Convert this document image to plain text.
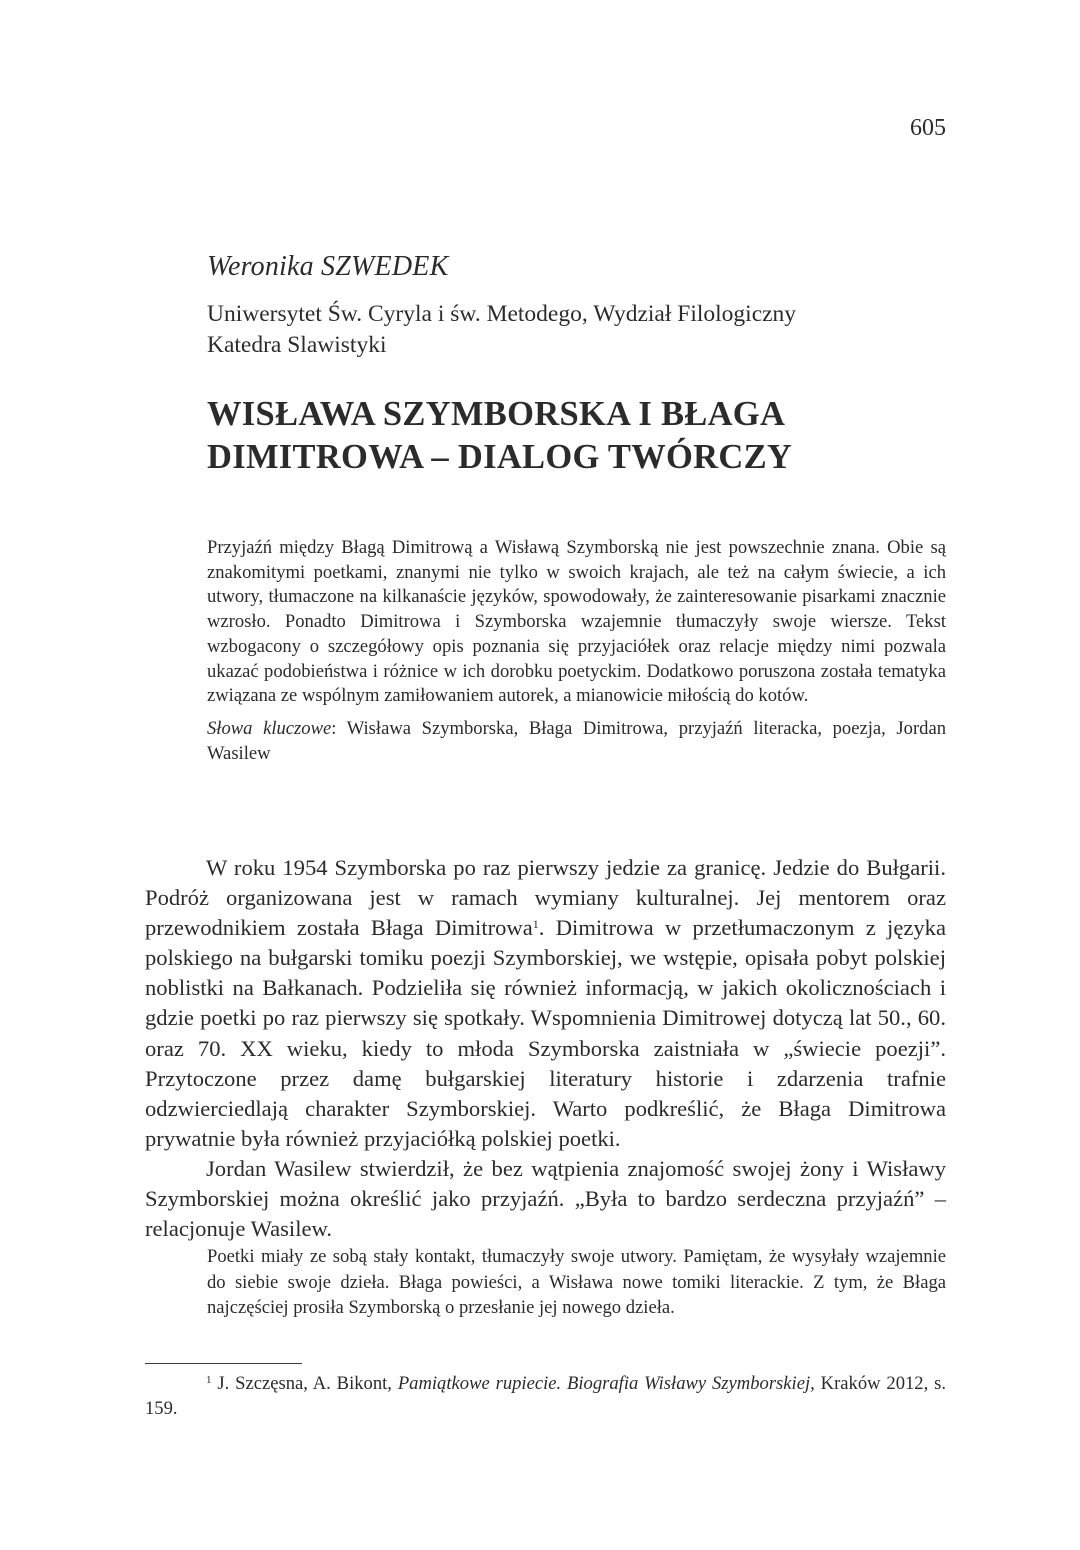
605
Weronika SZWEDEK
Uniwersytet Św. Cyryla i św. Metodego, Wydział Filologiczny
Katedra Slawistyki
WISŁAWA SZYMBORSKA I BŁAGA
DIMITROWA – DIALOG TWÓRCZY

Przyjaźń między Błagą Dimitrową a Wisławą Szymborską nie jest powszechnie znana. Obie są znakomitymi poetkami, znanymi nie tylko w swoich krajach, ale też na całym świecie, a ich utwory, tłumaczone na kilkanaście języków, spowodowały, że zainteresowanie pisarkami znacznie wzrosło. Ponadto Dimitrowa i Szymborska wzajemnie tłumaczyły swoje wiersze. Tekst wzbogacony o szczegółowy opis poznania się przyjaciółek oraz relacje między nimi pozwala ukazać podobieństwa i różnice w ich dorobku poetyckim. Dodatkowo poruszona została tematyka związana ze wspólnym zamiłowaniem autorek, a mianowicie miłością do kotów.

Słowa kluczowe: Wisława Szymborska, Błaga Dimitrowa, przyjaźń literacka, poezja, Jordan Wasilew

W roku 1954 Szymborska po raz pierwszy jedzie za granicę. Jedzie do Bułgarii. Podróż organizowana jest w ramach wymiany kulturalnej. Jej mentorem oraz przewodnikiem została Błaga Dimitrowa$^1$. Dimitrowa w przetłumaczonym z języka polskiego na bułgarski tomiku poezji Szymborskiej, we wstępie, opisała pobyt polskiej noblistki na Bałkanach. Podzieliła się również informacją, w jakich okolicznościach i gdzie poetki po raz pierwszy się spotkały. Wspomnienia Dimitrowej dotyczą lat 50., 60. oraz 70. XX wieku, kiedy to młoda Szymborska zaistniała w „świecie poezji”. Przytoczone przez damę bułgarskiej literatury historie i zdarzenia trafnie odzwierciedlają charakter Szymborskiej. Warto podkreślić, że Błaga Dimitrowa prywatnie była również przyjaciółką polskiej poetki.

Jordan Wasilew stwierdził, że bez wątpienia znajomość swojej żony i Wisławy Szymborskiej można określić jako przyjaźń. „Była to bardzo serdeczna przyjaźń” – relacjonuje Wasilew.

Poetki miały ze sobą stały kontakt, tłumaczyły swoje utwory. Pamiętam, że wysyłały wzajemnie do siebie swoje dzieła. Błaga powieści, a Wisława nowe tomiki literackie. Z tym, że Błaga najczęściej prosiła Szymborską o przesłanie jej nowego dzieła.

$^1$ J. Szczęsna, A. Bikont, Pamiątkowe rupiecie. Biografia Wisławy Szymborskiej, Kraków 2012, s. 159.
